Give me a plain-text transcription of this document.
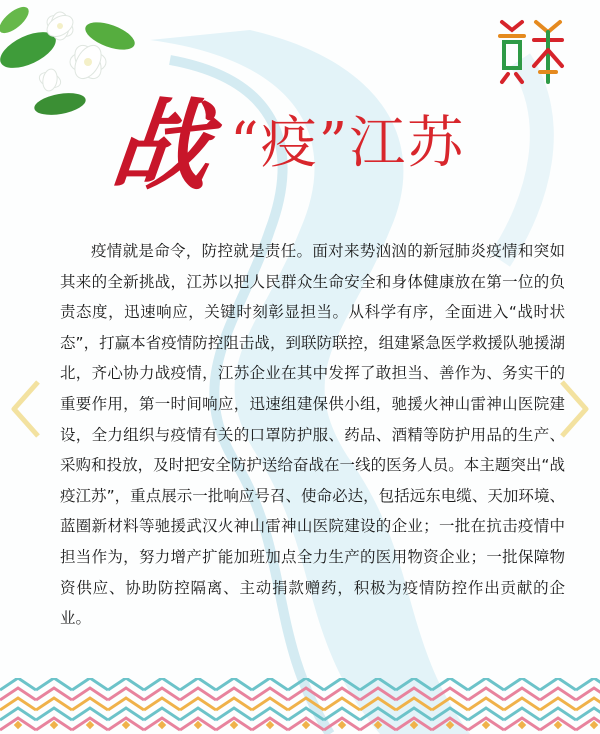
战 “疫”江苏

疫情就是命令，防控就是责任。面对来势汹汹的新冠肺炎疫情和突如其来的全新挑战，江苏以把人民群众生命安全和身体健康放在第一位的负责态度，迅速响应，关键时刻彰显担当。从科学有序，全面进入“战时状态”，打赢本省疫情防控阻击战，到联防联控，组建紧急医学救援队驰援湖北，齐心协力战疫情，江苏企业在其中发挥了敢担当、善作为、务实干的重要作用，第一时间响应，迅速组建保供小组，驰援火神山雷神山医院建设，全力组织与疫情有关的口罩防护服、药品、酒精等防护用品的生产、采购和投放，及时把安全防护送给奋战在一线的医务人员。本主题突出“战疫江苏”，重点展示一批响应号召、使命必达，包括远东电缆、天加环境、蓝圈新材料等驰援武汉火神山雷神山医院建设的企业；一批在抗击疫情中担当作为，努力增产扩能加班加点全力生产的医用物资企业；一批保障物资供应、协助防控隔离、主动捐款赠药，积极为疫情防控作出贡献的企业。
